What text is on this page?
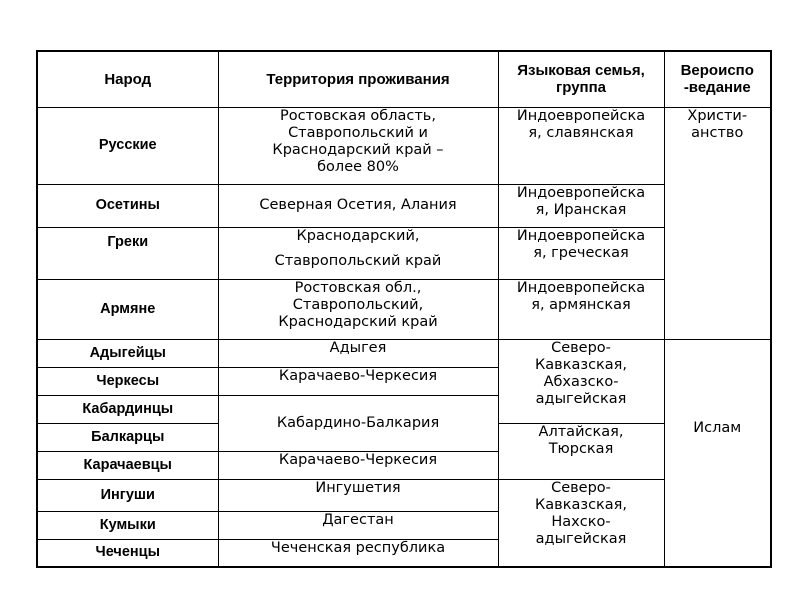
Народ	Территория проживания	Языковая семья,
группа	Вероиспо
-ведание

Русские	Ростовская область,
Ставропольский и
Краснодарский край –
более 80%	Индоевропейска
я, славянская	Христи-
анство

Осетины	Северная Осетия, Алания	Индоевропейска
я, Иранская	

Греки	Краснодарский,
Ставропольский край	Индоевропейска
я, греческая	

Армяне	Ростовская обл.,
Ставропольский,
Краснодарский край	Индоевропейска
я, армянская	

Адыгейцы	Адыгея	Северо-
Кавказская,
Абхазско-
адыгейская	Ислам

Черкесы	Карачаево-Черкесия		

Кабардинцы	Кабардино-Балкария		

Балкарцы		Алтайская,
Тюрская	

Карачаевцы	Карачаево-Черкесия		

Ингуши	Ингушетия	Северо-
Кавказская,
Нахско-
адыгейская	

Кумыки	Дагестан		

Чеченцы	Чеченская республика		
